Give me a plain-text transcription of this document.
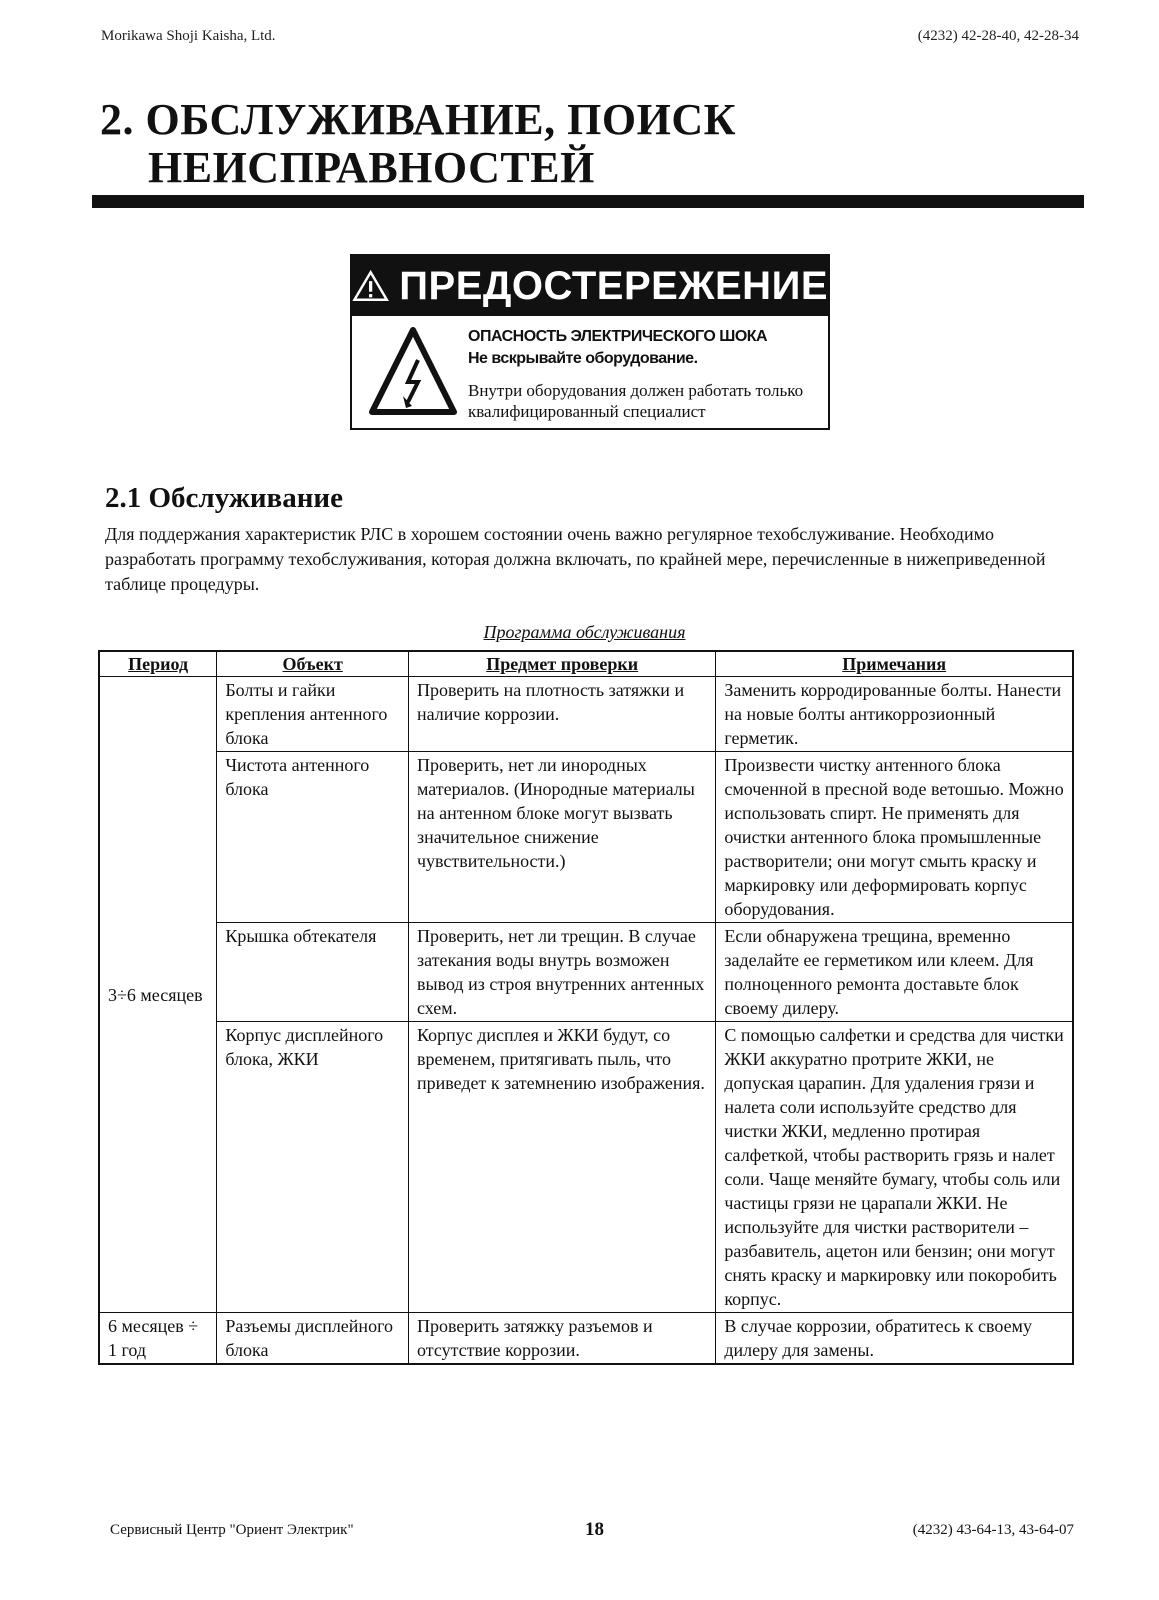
Morikawa Shoji Kaisha, Ltd.	(4232) 42-28-40, 42-28-34

2. ОБСЛУЖИВАНИЕ, ПОИСК

НЕИСПРАВНОСТЕЙ

ПРЕДОСТЕРЕЖЕНИЕ
ОПАСНОСТЬ ЭЛЕКТРИЧЕСКОГО ШОКА
Не вскрывайте оборудование.
Внутри оборудования должен работать только квалифицированный специалист
2.1 Обслуживание

Для поддержания характеристик РЛС в хорошем состоянии очень важно регулярное техобслуживание. Необходимо разработать программу техобслуживания, которая должна включать, по крайней мере, перечисленные в нижеприведенной таблице процедуры.

Программа обслуживания
Период	Объект	Предмет проверки	Примечания
3÷6 месяцев	Болты и гайки крепления антенного блока	Проверить на плотность затяжки и наличие коррозии.	Заменить корродированные болты. Нанести на новые болты антикоррозионный герметик.
	Чистота антенного блока	Проверить, нет ли инородных материалов. (Инородные материалы на антенном блоке могут вызвать значительное снижение чувствительности.)	Произвести чистку антенного блока смоченной в пресной воде ветошью. Можно использовать спирт. Не применять для очистки антенного блока промышленные растворители; они могут смыть краску и маркировку или деформировать корпус оборудования.
	Крышка обтекателя	Проверить, нет ли трещин. В случае затекания воды внутрь возможен вывод из строя внутренних антенных схем.	Если обнаружена трещина, временно заделайте ее герметиком или клеем. Для полноценного ремонта доставьте блок своему дилеру.
	Корпус дисплейного блока, ЖКИ	Корпус дисплея и ЖКИ будут, со временем, притягивать пыль, что приведет к затемнению изображения.	С помощью салфетки и средства для чистки ЖКИ аккуратно протрите ЖКИ, не допуская царапин. Для удаления грязи и налета соли используйте средство для чистки ЖКИ, медленно протирая салфеткой, чтобы растворить грязь и налет соли. Чаще меняйте бумагу, чтобы соль или частицы грязи не царапали ЖКИ. Не используйте для чистки растворители – разбавитель, ацетон или бензин; они могут снять краску и маркировку или покоробить корпус.
6 месяцев ÷ 1 год	Разъемы дисплейного блока	Проверить затяжку разъемов и отсутствие коррозии.	В случае коррозии, обратитесь к своему дилеру для замены.
Сервисный Центр "Ориент Электрик"	18	(4232) 43-64-13, 43-64-07
